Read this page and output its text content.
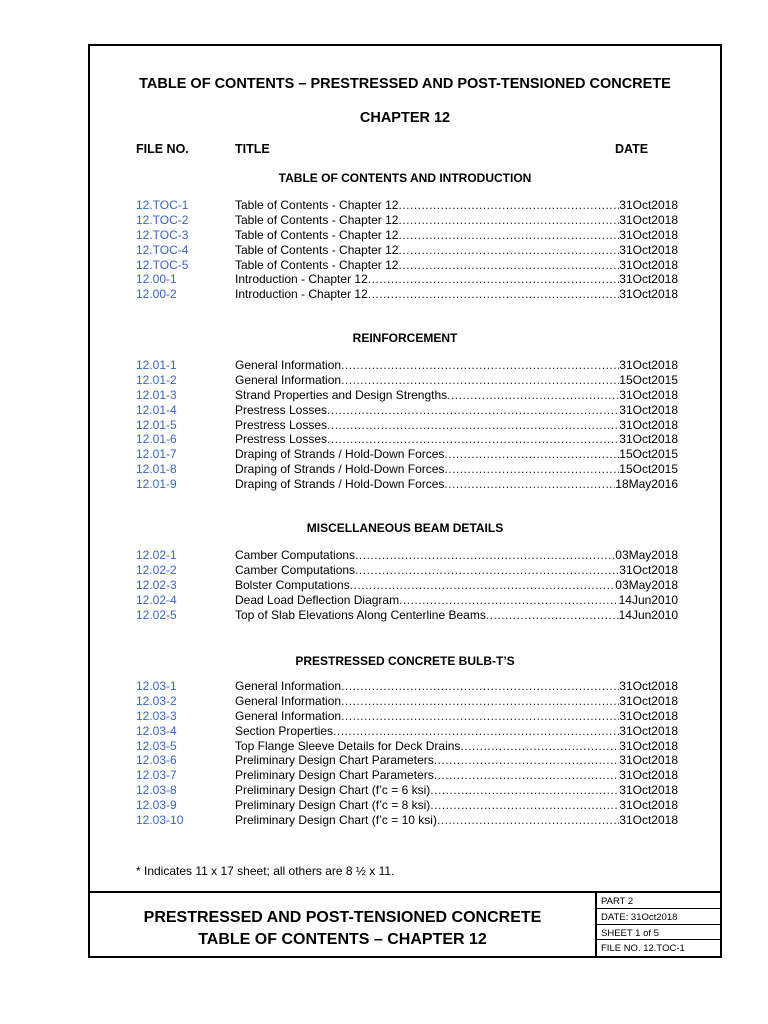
TABLE OF CONTENTS – PRESTRESSED AND POST-TENSIONED CONCRETE
CHAPTER 12
FILE NO.	TITLE	DATE
TABLE OF CONTENTS AND INTRODUCTION
12.TOC-1	Table of Contents - Chapter 12 .....	31Oct2018
12.TOC-2	Table of Contents - Chapter 12 .....	31Oct2018
12.TOC-3	Table of Contents - Chapter 12 .....	31Oct2018
12.TOC-4	Table of Contents - Chapter 12 .....	31Oct2018
12.TOC-5	Table of Contents - Chapter 12 .....	31Oct2018
12.00-1	Introduction - Chapter 12 .....	31Oct2018
12.00-2	Introduction - Chapter 12 .....	31Oct2018
REINFORCEMENT
12.01-1	General Information .....	31Oct2018
12.01-2	General Information .....	15Oct2015
12.01-3	Strand Properties and Design Strengths .....	31Oct2018
12.01-4	Prestress Losses .....	31Oct2018
12.01-5	Prestress Losses .....	31Oct2018
12.01-6	Prestress Losses .....	31Oct2018
12.01-7	Draping of Strands / Hold-Down Forces .....	15Oct2015
12.01-8	Draping of Strands / Hold-Down Forces .....	15Oct2015
12.01-9	Draping of Strands / Hold-Down Forces .....	18May2016
MISCELLANEOUS BEAM DETAILS
12.02-1	Camber Computations .....	03May2018
12.02-2	Camber Computations .....	31Oct2018
12.02-3	Bolster Computations .....	03May2018
12.02-4	Dead Load Deflection Diagram .....	14Jun2010
12.02-5	Top of Slab Elevations Along Centerline Beams .....	14Jun2010
PRESTRESSED CONCRETE BULB-T’S
12.03-1	General Information .....	31Oct2018
12.03-2	General Information .....	31Oct2018
12.03-3	General Information .....	31Oct2018
12.03-4	Section Properties .....	31Oct2018
12.03-5	Top Flange Sleeve Details for Deck Drains .....	31Oct2018
12.03-6	Preliminary Design Chart Parameters .....	31Oct2018
12.03-7	Preliminary Design Chart Parameters .....	31Oct2018
12.03-8	Preliminary Design Chart (f’c = 6 ksi) .....	31Oct2018
12.03-9	Preliminary Design Chart (f’c = 8 ksi) .....	31Oct2018
12.03-10	Preliminary Design Chart (f’c = 10 ksi) .....	31Oct2018
* Indicates 11 x 17 sheet; all others are 8 ½ x 11.
PRESTRESSED AND POST-TENSIONED CONCRETE
TABLE OF CONTENTS – CHAPTER 12
PART 2
DATE: 31Oct2018
SHEET 1 of 5
FILE NO. 12.TOC-1
